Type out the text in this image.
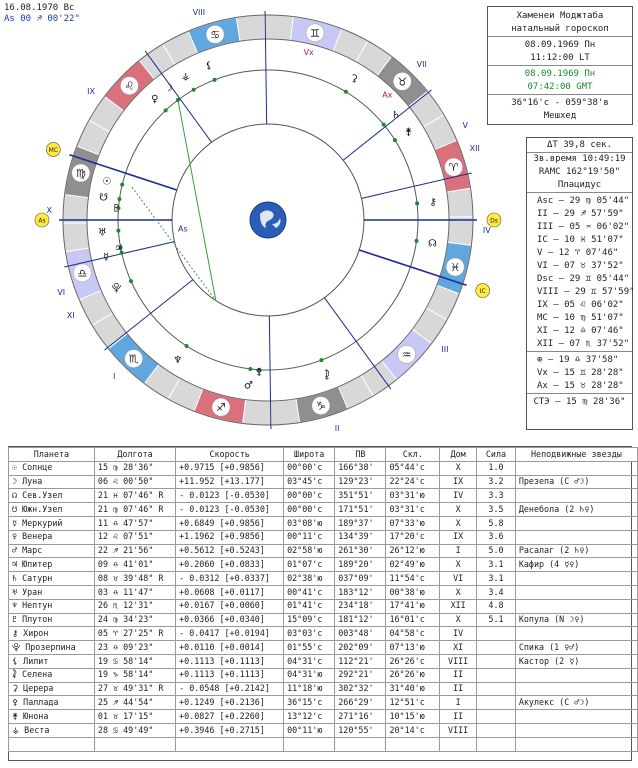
16.08.1970 Вс
As 00 ♐ 00'22"
♈
♉
♊
♋
♌
♍
♎
♏
♐	♑
♒
♓
I
II
III
IV
V
VI
VII
VIII
IX
X
XI
XII
As	Ds
MC
IC
☉
☽
☊
☋
☿
♀
♂
♃
♄
♅
♆
♇
⚷
⯓
⚸
⯝
⚳
⚴
⚵
⚶
Vx
Ax
As
Хаменеи Моджтаба
натальный гороскоп
08.09.1969 Пн
11:12:00 LT
08.09.1969 Пн
07:42:00 GMT
36°16'с - 059°38'в
Мешхед
ΔT 39,8 сек.
Зв.время 10:49:19
RAMC 162°19'50"
Плацидус
Asc – 29 ♍ 05'44"
II – 29 ♐ 57'59"
III – 05 ♒ 06'02"
IC – 10 ♓ 51'07"
V – 12 ♈ 07'46"
VI – 07 ♉ 37'52"
Dsc – 29 ♊ 05'44"
VIII – 29 ♊ 57'59"
IX – 05 ♌ 06'02"
MC – 10 ♍ 51'07"
XI – 12 ♎ 07'46"
XII – 07 ♏ 37'52"
⊕ – 19 ♎ 37'58"
Vx – 15 ♊ 28'28"
Ax – 15 ♉ 28'28"
СТЭ – 15 ♍ 28'36"
Планета	Долгота	Скорость	Широта	ПВ	Скл.	Дом	Сила	Неподвижные звезды
☉ Солнце	15 ♍ 28'36"	+0.9715 [+0.9856]	00°00'с	166°38'	05°44'с	X	1.0	
☽ Луна	06 ♌ 00'50"	+11.952 [+13.177]	03°45'с	129°23'	22°24'с	IX	3.2	Презепа (С ♂☽)
☊ Сев.Узел	21 ♓ 07'46" R	- 0.0123 [-0.0530]	00°00'с	351°51'	03°31'ю	IV	3.3	
☋ Южн.Узел	21 ♍ 07'46" R	- 0.0123 [-0.0530]	00°00'с	171°51'	03°31'с	X	3.5	Денебола (2 ♄♀)
☿ Меркурий	11 ♎ 47'57"	+0.6849 [+0.9856]	03°08'ю	189°37'	07°33'ю	X	5.8	
♀ Венера	12 ♌ 07'51"	+1.1962 [+0.9856]	00°11'с	134°39'	17°20'с	IX	3.6	
♂ Марс	22 ♐ 21'56"	+0.5612 [+0.5243]	02°58'ю	261°30'	26°12'ю	I	5.0	Расалаг (2 ♄♀)
♃ Юпитер	09 ♎ 41'01"	+0.2060 [+0.0833]	01°07'с	189°20'	02°49'ю	X	3.1	Кафир (4 ☿♀)
♄ Сатурн	08 ♉ 39'48" R	- 0.0312 [+0.0337]	02°38'ю	037°09'	11°54'с	VI	3.1	
♅ Уран	03 ♎ 11'47"	+0.0608 [+0.0117]	00°41'с	183°12'	00°38'ю	X	3.4	
♆ Нептун	26 ♏ 12'31"	+0.0167 [+0.0060]	01°41'с	234°18'	17°41'ю	XII	4.8	
♇ Плутон	24 ♍ 34'23"	+0.0366 [+0.0340]	15°09'с	181°12'	16°01'с	X	5.1	Копула (N ☽♀)
⚷ Хирон	05 ♈ 27'25" R	- 0.0417 [+0.0194]	03°03'с	003°48'	04°58'с	IV		
⯓ Прозерпина	23 ♎ 09'23"	+0.0110 [+0.0014]	01°55'с	202°09'	07°13'ю	XI		Спика (1 ♀♂)
⚸ Лилит	19 ♋ 58'14"	+0.1113 [+0.1113]	04°31'с	112°21'	26°26'с	VIII		Кастор (2 ☿)
⯝ Селена	19 ♑ 58'14"	+0.1113 [+0.1113]	04°31'ю	292°21'	26°26'ю	II		
⚳ Церера	27 ♉ 49'31" R	- 0.0548 [+0.2142]	11°18'ю	302°32'	31°40'ю	II		
⚴ Паллада	25 ♐ 44'54"	+0.1249 [+0.2136]	36°15'с	266°29'	12°51'с	I		Акулекс (С ♂☽)
⚵ Юнона	01 ♉ 17'15"	+0.0827 [+0.2260]	13°12'с	271°16'	10°15'ю	II		
⚶ Веста	28 ♋ 49'49"	+0.3946 [+0.2715]	00°11'ю	120°55'	20°14'с	VIII		
